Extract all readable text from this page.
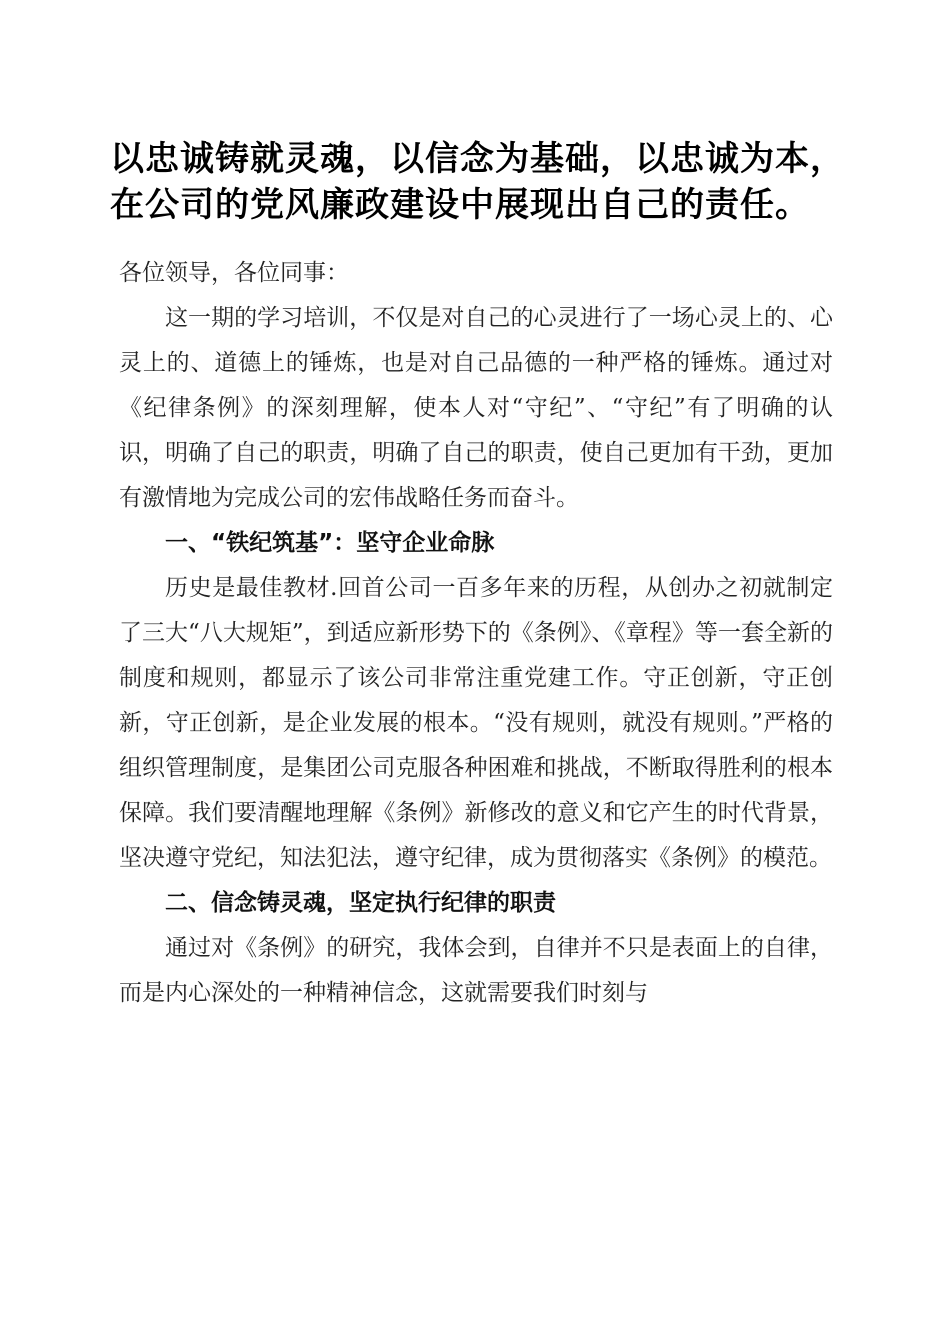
以忠诚铸就灵魂，以信念为基础，以忠诚为本，
在公司的党风廉政建设中展现出自己的责任。

各位领导，各位同事：

这一期的学习培训，不仅是对自己的心灵进行了一场心灵上的、心灵上的、道德上的锤炼，也是对自己品德的一种严格的锤炼。通过对《纪律条例》的深刻理解，使本人对“守纪”、“守纪”有了明确的认识，明确了自己的职责，明确了自己的职责，使自己更加有干劲，更加有激情地为完成公司的宏伟战略任务而奋斗。

一、“铁纪筑基”：坚守企业命脉

历史是最佳教材.回首公司一百多年来的历程，从创办之初就制定了三大“八大规矩”，到适应新形势下的《条例》、《章程》等一套全新的制度和规则，都显示了该公司非常注重党建工作。守正创新，守正创新，守正创新，是企业发展的根本。“没有规则，就没有规则。”严格的组织管理制度，是集团公司克服各种困难和挑战，不断取得胜利的根本保障。我们要清醒地理解《条例》新修改的意义和它产生的时代背景，坚决遵守党纪，知法犯法，遵守纪律，成为贯彻落实《条例》的模范。

二、信念铸灵魂，坚定执行纪律的职责

通过对《条例》的研究，我体会到，自律并不只是表面上的自律，而是内心深处的一种精神信念，这就需要我们时刻与
